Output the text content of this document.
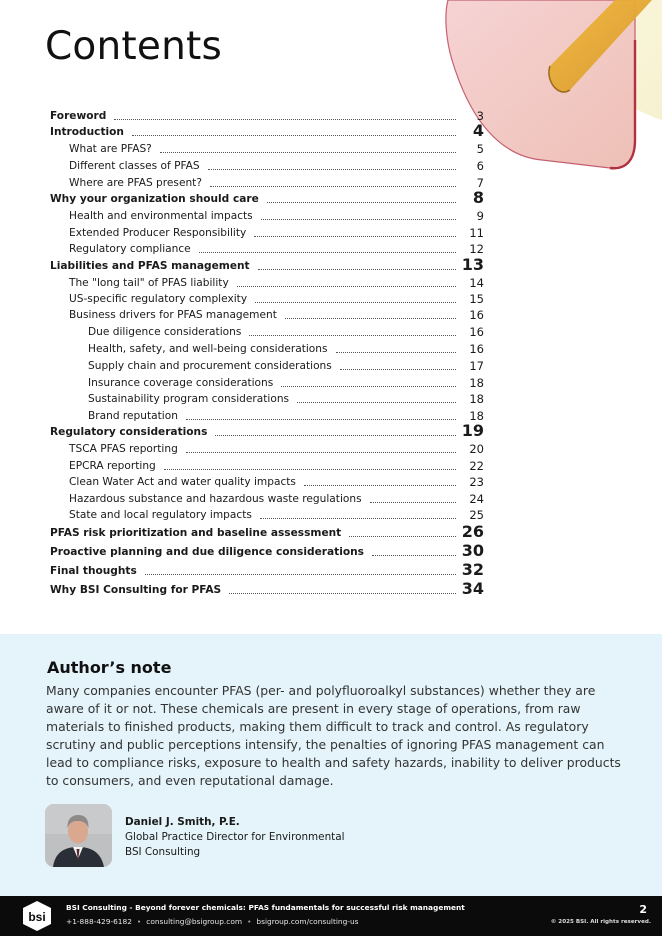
Contents
Foreword	3
Introduction	4
What are PFAS?	5
Different classes of PFAS	6
Where are PFAS present?	7
Why your organization should care	8
Health and environmental impacts	9
Extended Producer Responsibility	11
Regulatory compliance	12
Liabilities and PFAS management	13
The "long tail" of PFAS liability	14
US-specific regulatory complexity	15
Business drivers for PFAS management	16
Due diligence considerations	16
Health, safety, and well-being considerations	16
Supply chain and procurement considerations	17
Insurance coverage considerations	18
Sustainability program considerations	18
Brand reputation	18
Regulatory considerations	19
TSCA PFAS reporting	20
EPCRA reporting	22
Clean Water Act and water quality impacts	23
Hazardous substance and hazardous waste regulations	24
State and local regulatory impacts	25
PFAS risk prioritization and baseline assessment	26
Proactive planning and due diligence considerations	30
Final thoughts	32
Why BSI Consulting for PFAS	34
Author’s note

Many companies encounter PFAS (per- and polyfluoroalkyl substances) whether they are aware of it or not. These chemicals are present in every stage of operations, from raw materials to finished products, making them difficult to track and control. As regulatory scrutiny and public perceptions intensify, the penalties of ignoring PFAS management can lead to compliance risks, exposure to health and safety hazards, inability to deliver products to consumers, and even reputational damage.

Daniel J. Smith, P.E.
Global Practice Director for Environmental
BSI Consulting
bsi
BSI Consulting - Beyond forever chemicals: PFAS fundamentals for successful risk management
+1-888-429-6182 • consulting@bsigroup.com • bsigroup.com/consulting-us
2
© 2025 BSI. All rights reserved.
